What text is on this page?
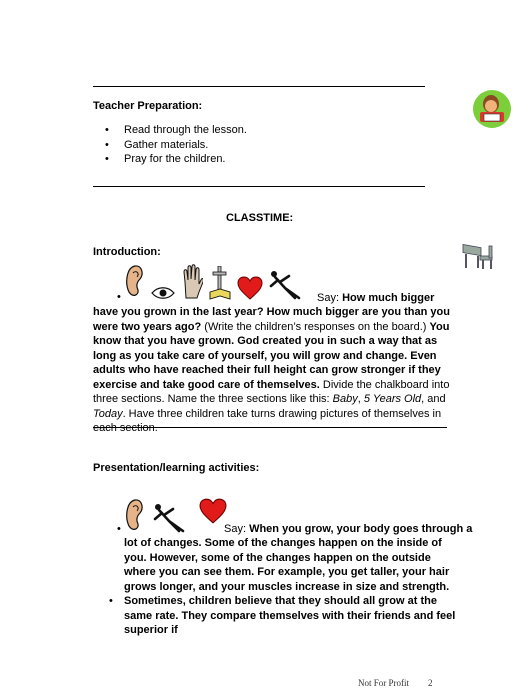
Teacher Preparation:
• Read through the lesson.
• Gather materials.
• Pray for the children.
CLASSTIME:
Introduction:
•	Say: How much bigger
have you grown in the last year? How much bigger are you than you were two years ago? (Write the children’s responses on the board.) You know that you have grown. God created you in such a way that as long as you take care of yourself, you will grow and change. Even adults who have reached their full height can grow stronger if they exercise and take good care of themselves. Divide the chalkboard into three sections. Name the three sections like this: Baby, 5 Years Old, and Today. Have three children take turns drawing pictures of themselves in each section.
Presentation/learning activities:
•	Say: When you grow, your body goes through a
lot of changes. Some of the changes happen on the inside of you. However, some of the changes happen on the outside where you can see them. For example, you get taller, your hair grows longer, and your muscles increase in size and strength.
• Sometimes, children believe that they should all grow at the same rate. They compare themselves with their friends and feel superior if
Not For Profit 2
